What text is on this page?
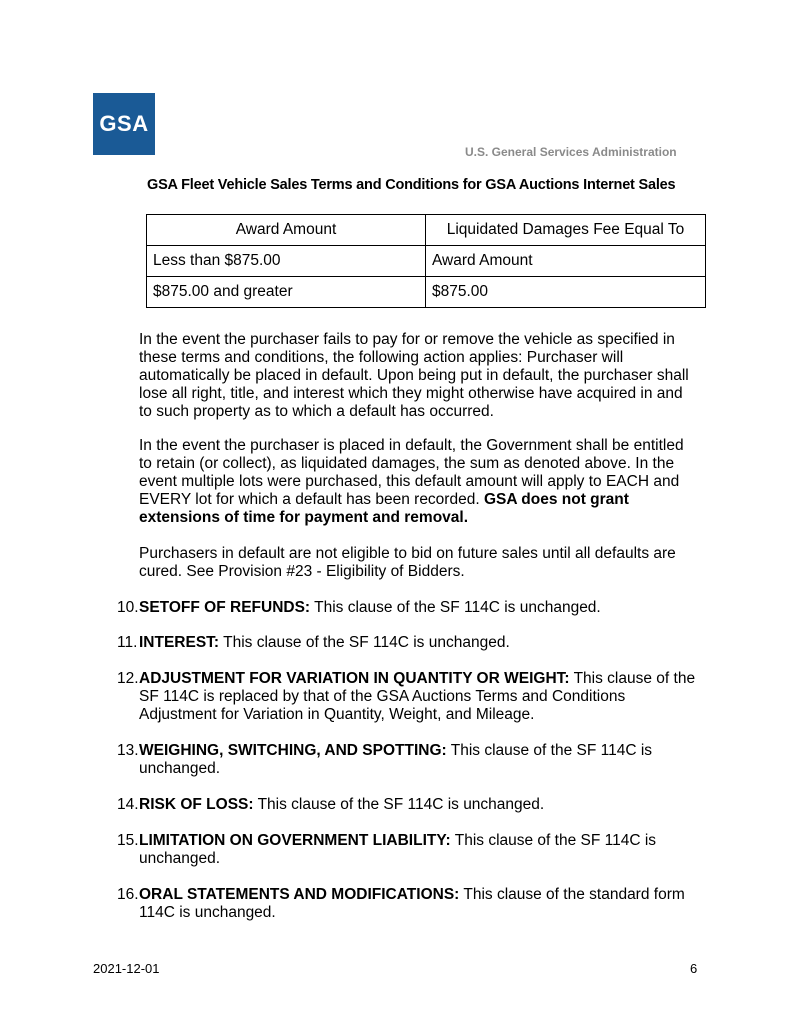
GSA
U.S. General Services Administration
GSA Fleet Vehicle Sales Terms and Conditions for GSA Auctions Internet Sales
Award Amount	Liquidated Damages Fee Equal To
Less than $875.00	Award Amount
$875.00 and greater	$875.00
In the event the purchaser fails to pay for or remove the vehicle as specified in these terms and conditions, the following action applies: Purchaser will automatically be placed in default. Upon being put in default, the purchaser shall lose all right, title, and interest which they might otherwise have acquired in and to such property as to which a default has occurred.
In the event the purchaser is placed in default, the Government shall be entitled to retain (or collect), as liquidated damages, the sum as denoted above. In the event multiple lots were purchased, this default amount will apply to EACH and EVERY lot for which a default has been recorded. GSA does not grant extensions of time for payment and removal.
Purchasers in default are not eligible to bid on future sales until all defaults are cured. See Provision #23 - Eligibility of Bidders.
10. SETOFF OF REFUNDS: This clause of the SF 114C is unchanged.
11. INTEREST: This clause of the SF 114C is unchanged.
12. ADJUSTMENT FOR VARIATION IN QUANTITY OR WEIGHT: This clause of the SF 114C is replaced by that of the GSA Auctions Terms and Conditions Adjustment for Variation in Quantity, Weight, and Mileage.
13. WEIGHING, SWITCHING, AND SPOTTING: This clause of the SF 114C is unchanged.
14. RISK OF LOSS: This clause of the SF 114C is unchanged.
15. LIMITATION ON GOVERNMENT LIABILITY: This clause of the SF 114C is unchanged.
16. ORAL STATEMENTS AND MODIFICATIONS: This clause of the standard form 114C is unchanged.
2021-12-01	6
